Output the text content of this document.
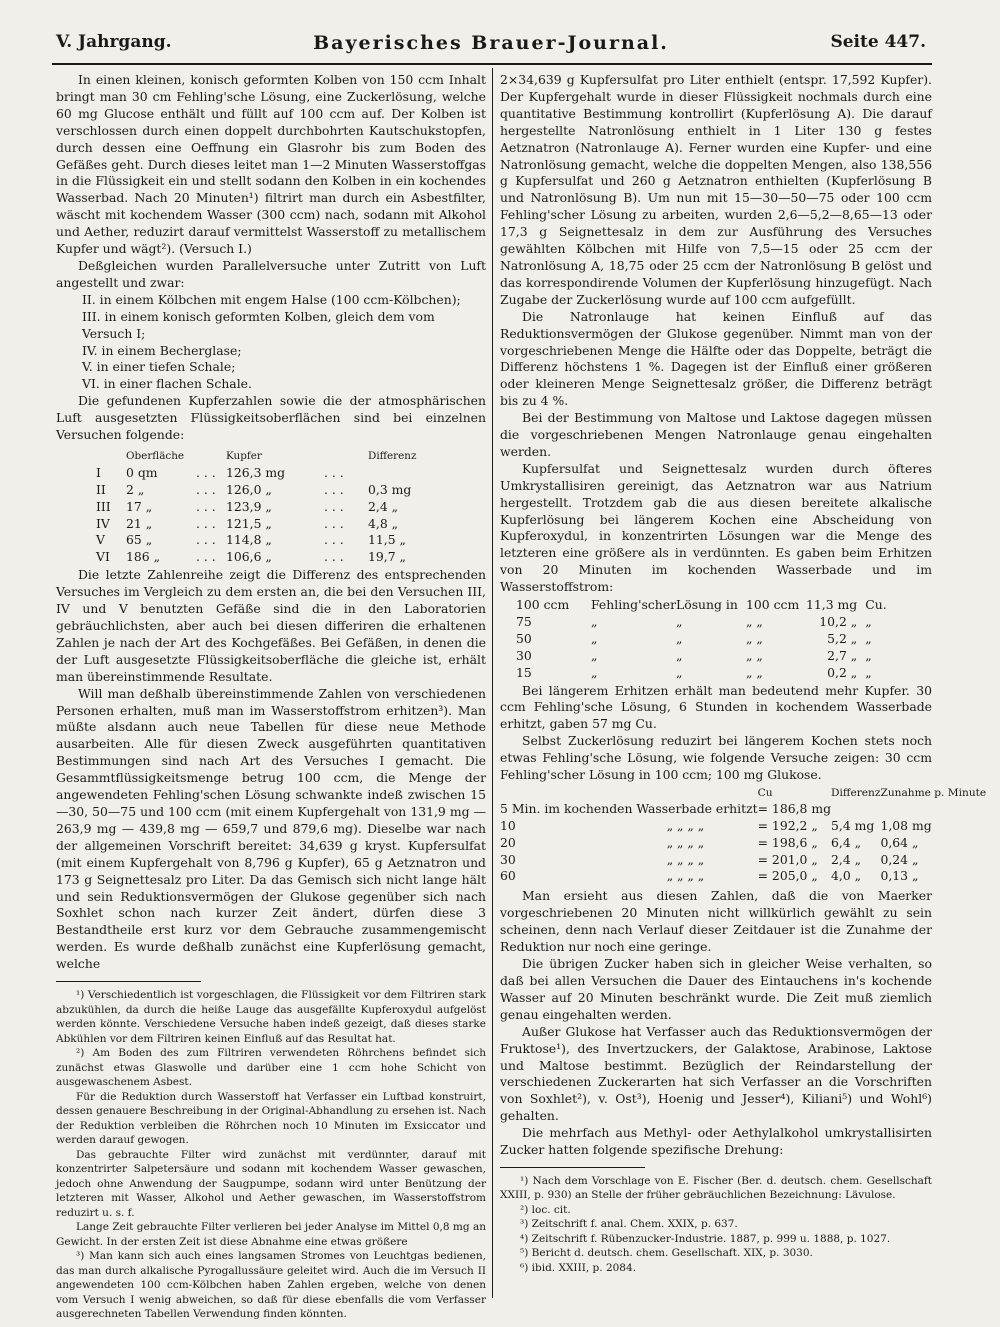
V. Jahrgang.	Bayerisches Brauer-Journal.	Seite 447.

In einen kleinen, konisch geformten Kolben von 150 ccm Inhalt bringt man 30 cm Fehling'sche Lösung, eine Zuckerlösung, welche 60 mg Glucose enthält und füllt auf 100 ccm auf. Der Kolben ist verschlossen durch einen doppelt durchbohrten Kautschukstopfen, durch dessen eine Oeffnung ein Glasrohr bis zum Boden des Gefäßes geht. Durch dieses leitet man 1—2 Minuten Wasserstoffgas in die Flüssigkeit ein und stellt sodann den Kolben in ein kochendes Wasserbad. Nach 20 Minuten¹) filtrirt man durch ein Asbestfilter, wäscht mit kochendem Wasser (300 ccm) nach, sodann mit Alkohol und Aether, reduzirt darauf vermittelst Wasserstoff zu metallischem Kupfer und wägt²). (Versuch I.)

Deßgleichen wurden Parallelversuche unter Zutritt von Luft angestellt und zwar:

II. in einem Kölbchen mit engem Halse (100 ccm-Kölbchen);

III. in einem konisch geformten Kolben, gleich dem vom Versuch I;

IV. in einem Becherglase;

V. in einer tiefen Schale;

VI. in einer flachen Schale.

Die gefundenen Kupferzahlen sowie die der atmosphärischen Luft ausgesetzten Flüssigkeitsoberflächen sind bei einzelnen Versuchen folgende:

	Oberfläche		Kupfer		Differenz
I	0 qm	. . .	126,3 mg	. . .	
II	2 „	. . .	126,0 „	. . .	0,3 mg
III	17 „	. . .	123,9 „	. . .	2,4 „
IV	21 „	. . .	121,5 „	. . .	4,8 „
V	65 „	. . .	114,8 „	. . .	11,5 „
VI	186 „	. . .	106,6 „	. . .	19,7 „

Die letzte Zahlenreihe zeigt die Differenz des entsprechenden Versuches im Vergleich zu dem ersten an, die bei den Versuchen III, IV und V benutzten Gefäße sind die in den Laboratorien gebräuchlichsten, aber auch bei diesen differiren die erhaltenen Zahlen je nach der Art des Kochgefäßes. Bei Gefäßen, in denen die der Luft ausgesetzte Flüssigkeitsoberfläche die gleiche ist, erhält man übereinstimmende Resultate.

Will man deßhalb übereinstimmende Zahlen von verschiedenen Personen erhalten, muß man im Wasserstoffstrom erhitzen³). Man müßte alsdann auch neue Tabellen für diese neue Methode ausarbeiten. Alle für diesen Zweck ausgeführten quantitativen Bestimmungen sind nach Art des Versuches I gemacht. Die Gesammtflüssigkeitsmenge betrug 100 ccm, die Menge der angewendeten Fehling'schen Lösung schwankte indeß zwischen 15—30, 50—75 und 100 ccm (mit einem Kupfergehalt von 131,9 mg — 263,9 mg — 439,8 mg — 659,7 und 879,6 mg). Dieselbe war nach der allgemeinen Vorschrift bereitet: 34,639 g kryst. Kupfersulfat (mit einem Kupfergehalt von 8,796 g Kupfer), 65 g Aetznatron und 173 g Seignettesalz pro Liter. Da das Gemisch sich nicht lange hält und sein Reduktionsvermögen der Glukose gegenüber sich nach Soxhlet schon nach kurzer Zeit ändert, dürfen diese 3 Bestandtheile erst kurz vor dem Gebrauche zusammengemischt werden. Es wurde deßhalb zunächst eine Kupferlösung gemacht, welche

¹) Verschiedentlich ist vorgeschlagen, die Flüssigkeit vor dem Filtriren stark abzukühlen, da durch die heiße Lauge das ausgefällte Kupferoxydul aufgelöst werden könnte. Verschiedene Versuche haben indeß gezeigt, daß dieses starke Abkühlen vor dem Filtriren keinen Einfluß auf das Resultat hat.

²) Am Boden des zum Filtriren verwendeten Röhrchens befindet sich zunächst etwas Glaswolle und darüber eine 1 ccm hohe Schicht von ausgewaschenem Asbest.

Für die Reduktion durch Wasserstoff hat Verfasser ein Luftbad konstruirt, dessen genauere Beschreibung in der Original-Abhandlung zu ersehen ist. Nach der Reduktion verbleiben die Röhrchen noch 10 Minuten im Exsiccator und werden darauf gewogen.

Das gebrauchte Filter wird zunächst mit verdünnter, darauf mit konzentrirter Salpetersäure und sodann mit kochendem Wasser gewaschen, jedoch ohne Anwendung der Saugpumpe, sodann wird unter Benützung der letzteren mit Wasser, Alkohol und Aether gewaschen, im Wasserstoffstrom reduzirt u. s. f.

Lange Zeit gebrauchte Filter verlieren bei jeder Analyse im Mittel 0,8 mg an Gewicht. In der ersten Zeit ist diese Abnahme eine etwas größere

³) Man kann sich auch eines langsamen Stromes von Leuchtgas bedienen, das man durch alkalische Pyrogallussäure geleitet wird. Auch die im Versuch II angewendeten 100 ccm-Kölbchen haben Zahlen ergeben, welche von denen vom Versuch I wenig abweichen, so daß für diese ebenfalls die vom Verfasser ausgerechneten Tabellen Verwendung finden könnten.

2×34,639 g Kupfersulfat pro Liter enthielt (entspr. 17,592 Kupfer). Der Kupfergehalt wurde in dieser Flüssigkeit nochmals durch eine quantitative Bestimmung kontrollirt (Kupferlösung A). Die darauf hergestellte Natronlösung enthielt in 1 Liter 130 g festes Aetznatron (Natronlauge A). Ferner wurden eine Kupfer- und eine Natronlösung gemacht, welche die doppelten Mengen, also 138,556 g Kupfersulfat und 260 g Aetznatron enthielten (Kupferlösung B und Natronlösung B). Um nun mit 15—30—50—75 oder 100 ccm Fehling'scher Lösung zu arbeiten, wurden 2,6—5,2—8,65—13 oder 17,3 g Seignettesalz in dem zur Ausführung des Versuches gewählten Kölbchen mit Hilfe von 7,5—15 oder 25 ccm der Natronlösung A, 18,75 oder 25 ccm der Natronlösung B gelöst und das korrespondirende Volumen der Kupferlösung hinzugefügt. Nach Zugabe der Zuckerlösung wurde auf 100 ccm aufgefüllt.

Die Natronlauge hat keinen Einfluß auf das Reduktionsvermögen der Glukose gegenüber. Nimmt man von der vorgeschriebenen Menge die Hälfte oder das Doppelte, beträgt die Differenz höchstens 1 %. Dagegen ist der Einfluß einer größeren oder kleineren Menge Seignettesalz größer, die Differenz beträgt bis zu 4 %.

Bei der Bestimmung von Maltose und Laktose dagegen müssen die vorgeschriebenen Mengen Natronlauge genau eingehalten werden.

Kupfersulfat und Seignettesalz wurden durch öfteres Umkrystallisiren gereinigt, das Aetznatron war aus Natrium hergestellt. Trotzdem gab die aus diesen bereitete alkalische Kupferlösung bei längerem Kochen eine Abscheidung von Kupferoxydul, in konzentrirten Lösungen war die Menge des letzteren eine größere als in verdünnten. Es gaben beim Erhitzen von 20 Minuten im kochenden Wasserbade und im Wasserstoffstrom:

100 ccm	Fehling'scher	Lösung in	100 ccm	11,3 mg	Cu.
75	„	„	„ „	10,2 „	„
50	„	„	„ „	5,2 „	„
30	„	„	„ „	2,7 „	„
15	„	„	„ „	0,2 „	„

Bei längerem Erhitzen erhält man bedeutend mehr Kupfer. 30 ccm Fehling'sche Lösung, 6 Stunden in kochendem Wasserbade erhitzt, gaben 57 mg Cu.

Selbst Zuckerlösung reduzirt bei längerem Kochen stets noch etwas Fehling'sche Lösung, wie folgende Versuche zeigen: 30 ccm Fehling'scher Lösung in 100 ccm; 100 mg Glukose.

		Cu	Differenz	Zunahme p. Minute
5 Min. im kochenden Wasserbade erhitzt		= 186,8 mg		
10	„ „ „ „	= 192,2 „	5,4 mg	1,08 mg
20	„ „ „ „	= 198,6 „	6,4 „	0,64 „
30	„ „ „ „	= 201,0 „	2,4 „	0,24 „
60	„ „ „ „	= 205,0 „	4,0 „	0,13 „

Man ersieht aus diesen Zahlen, daß die von Maerker vorgeschriebenen 20 Minuten nicht willkürlich gewählt zu sein scheinen, denn nach Verlauf dieser Zeitdauer ist die Zunahme der Reduktion nur noch eine geringe.

Die übrigen Zucker haben sich in gleicher Weise verhalten, so daß bei allen Versuchen die Dauer des Eintauchens in's kochende Wasser auf 20 Minuten beschränkt wurde. Die Zeit muß ziemlich genau eingehalten werden.

Außer Glukose hat Verfasser auch das Reduktionsvermögen der Fruktose¹), des Invertzuckers, der Galaktose, Arabinose, Laktose und Maltose bestimmt. Bezüglich der Reindarstellung der verschiedenen Zuckerarten hat sich Verfasser an die Vorschriften von Soxhlet²), v. Ost³), Hoenig und Jesser⁴), Kiliani⁵) und Wohl⁶) gehalten.

Die mehrfach aus Methyl- oder Aethylalkohol umkrystallisirten Zucker hatten folgende spezifische Drehung:

¹) Nach dem Vorschlage von E. Fischer (Ber. d. deutsch. chem. Gesellschaft XXIII, p. 930) an Stelle der früher gebräuchlichen Bezeichnung: Lävulose.

²) loc. cit.

³) Zeitschrift f. anal. Chem. XXIX, p. 637.

⁴) Zeitschrift f. Rübenzucker-Industrie. 1887, p. 999 u. 1888, p. 1027.

⁵) Bericht d. deutsch. chem. Gesellschaft. XIX, p. 3030.

⁶) ibid. XXIII, p. 2084.
